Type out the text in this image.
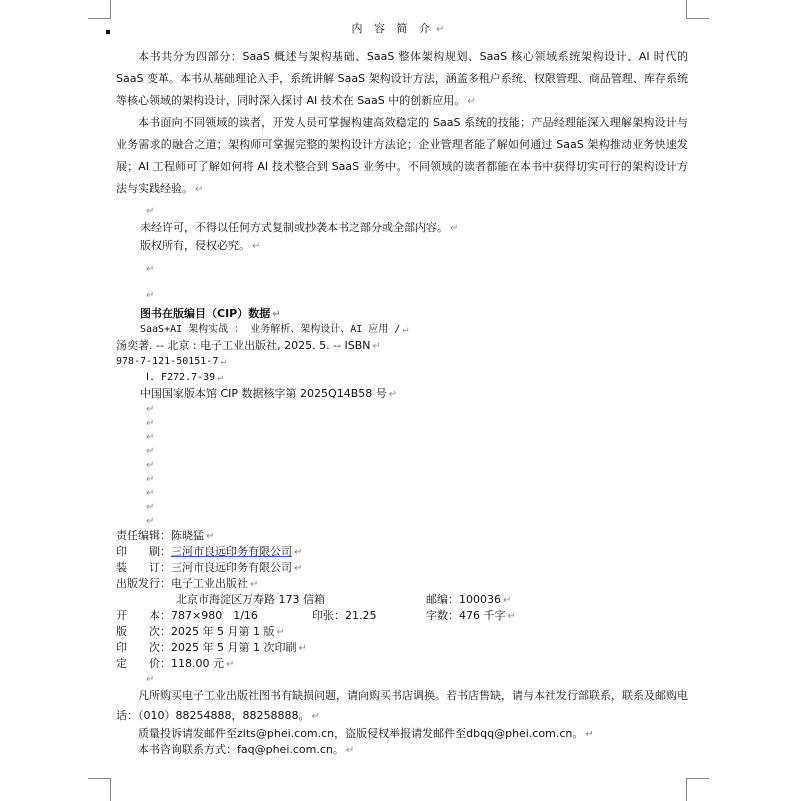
内 容 简 介 ↵

本书共分为四部分：SaaS 概述与架构基础、SaaS 整体架构规划、SaaS 核心领域系统架构设计、AI 时代的 SaaS 变革。本书从基础理论入手，系统讲解 SaaS 架构设计方法，涵盖多租户系统、权限管理、商品管理、库存系统等核心领域的架构设计，同时深入探讨 AI 技术在 SaaS 中的创新应用。 ↵

本书面向不同领域的读者，开发人员可掌握构建高效稳定的 SaaS 系统的技能；产品经理能深入理解架构设计与业务需求的融合之道；架构师可掌握完整的架构设计方法论；企业管理者能了解如何通过 SaaS 架构推动业务快速发展；AI 工程师可了解如何将 AI 技术整合到 SaaS 业务中。不同领域的读者都能在本书中获得切实可行的架构设计方法与实践经验。 ↵

↵
未经许可，不得以任何方式复制或抄袭本书之部分或全部内容。 ↵
版权所有，侵权必究。 ↵
↵
↵
图书在版编目（CIP）数据 ↵
SaaS+AI 架构实战 ： 业务解析、架构设计、AI 应用 / ↵
汤奕著. -- 北京 : 电子工业出版社, 2025. 5. -- ISBN ↵
978-7-121-50151-7 ↵
Ⅰ. F272.7-39 ↵
中国国家版本馆 CIP 数据核字第 2025Q14B58 号 ↵
↵
↵
↵
↵
↵
↵
↵
↵
↵
责任编辑：陈晓猛 ↵
印　　刷：三河市良远印务有限公司 ↵
装　　订：三河市良远印务有限公司 ↵
出版发行：电子工业出版社 ↵
北京市海淀区万寿路 173 信箱	邮编：100036 ↵
开　　本：787×980　1/16	印张：21.25	字数：476 千字 ↵
版　　次：2025 年 5 月第 1 版 ↵
印　　次：2025 年 5 月第 1 次印刷 ↵
定　　价：118.00 元 ↵
↵

凡所购买电子工业出版社图书有缺损问题，请向购买书店调换。若书店售缺，请与本社发行部联系，联系及邮购电话：（010）88254888，88258888。 ↵

质量投诉请发邮件至zlts@phei.com.cn，盗版侵权举报请发邮件至dbqq@phei.com.cn。 ↵
本书咨询联系方式：faq@phei.com.cn。 ↵
